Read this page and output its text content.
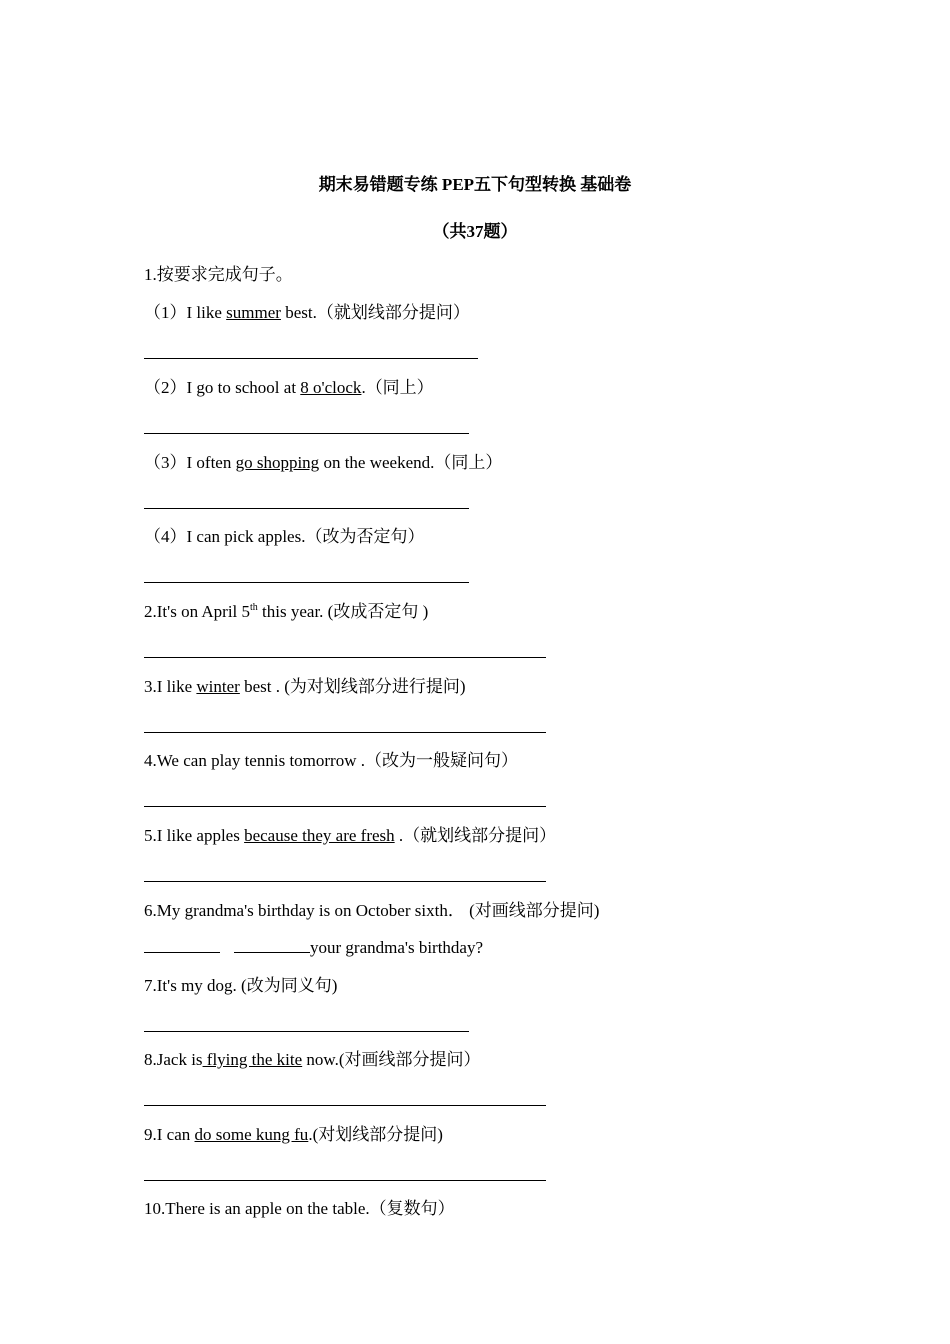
期末易错题专练 PEP五下句型转换 基础卷
（共37题）
1.按要求完成句子。
（1）I like summer best.（就划线部分提问）
（2）I go to school at 8 o'clock.（同上）
（3）I often go shopping on the weekend.（同上）
（4）I can pick apples.（改为否定句）
2.It's on April 5th this year. (改成否定句 )
3.I like winter best . (为对划线部分进行提问)
4.We can play tennis tomorrow .（改为一般疑问句）
5.I like apples because they are fresh .（就划线部分提问）
6.My grandma's birthday is on October sixth． (对画线部分提问)
your grandma's birthday?
7.It's my dog. (改为同义句)
8.Jack is flying the kite now.(对画线部分提问）
9.I can do some kung fu.(对划线部分提问)
10.There is an apple on the table.（复数句）
